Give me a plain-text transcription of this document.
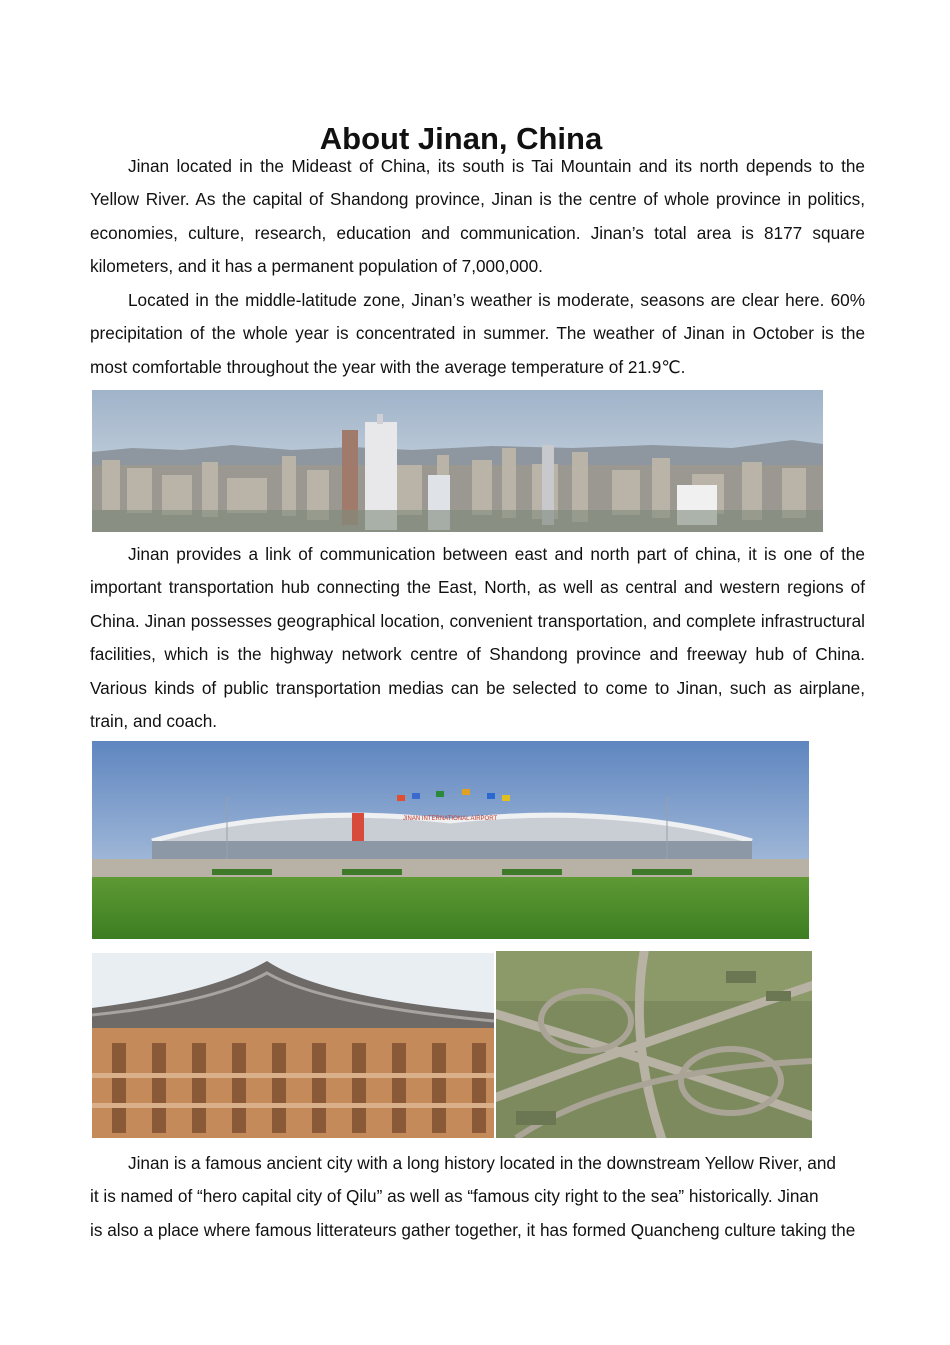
About Jinan, China

Jinan located in the Mideast of China, its south is Tai Mountain and its north depends to the Yellow River. As the capital of Shandong province, Jinan is the centre of whole province in politics, economies, culture, research, education and communication. Jinan’s total area is 8177 square kilometers, and it has a permanent population of 7,000,000.

Located in the middle-latitude zone, Jinan’s weather is moderate, seasons are clear here. 60% precipitation of the whole year is concentrated in summer. The weather of Jinan in October is the most comfortable throughout the year with the average temperature of 21.9℃.

Jinan provides a link of communication between east and north part of china, it is one of the important transportation hub connecting the East, North, as well as central and western regions of China. Jinan possesses geographical location, convenient transportation, and complete infrastructural facilities, which is the highway network centre of Shandong province and freeway hub of China. Various kinds of public transportation medias can be selected to come to Jinan, such as airplane, train, and coach.

JINAN INTERNATIONAL AIRPORT

Jinan is a famous ancient city with a long history located in the downstream Yellow River, and
it is named of “hero capital city of Qilu” as well as “famous city right to the sea” historically. Jinan
is also a place where famous litterateurs gather together, it has formed Quancheng culture taking the
